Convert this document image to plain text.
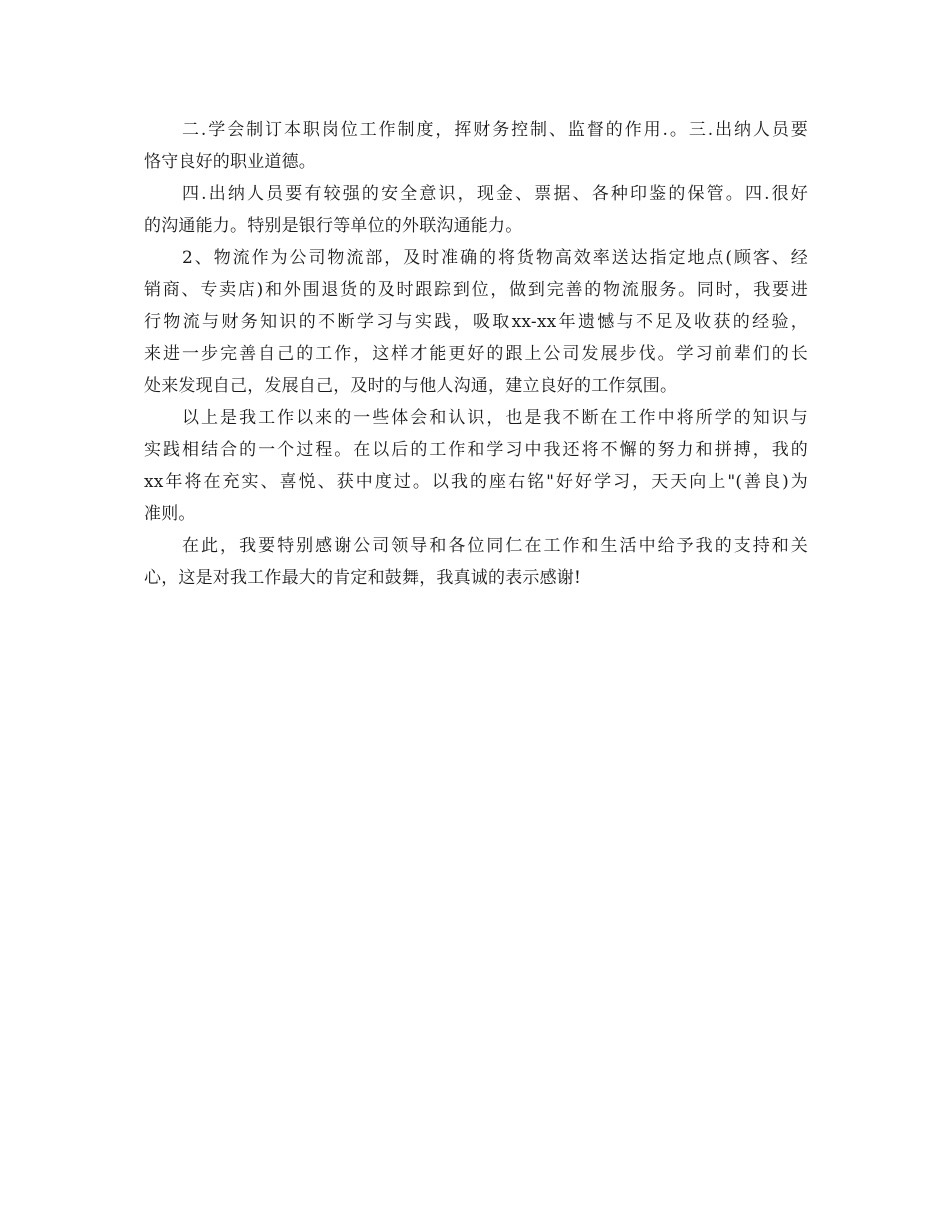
二.学会制订本职岗位工作制度，挥财务控制、监督的作用.。三.出纳人员要
恪守良好的职业道德。
四.出纳人员要有较强的安全意识，现金、票据、各种印鉴的保管。四.很好
的沟通能力。特别是银行等单位的外联沟通能力。
2、物流作为公司物流部，及时准确的将货物高效率送达指定地点(顾客、经
销商、专卖店)和外围退货的及时跟踪到位，做到完善的物流服务。同时，我要进
行物流与财务知识的不断学习与实践，吸取xx-xx年遗憾与不足及收获的经验，
来进一步完善自己的工作，这样才能更好的跟上公司发展步伐。学习前辈们的长
处来发现自己，发展自己，及时的与他人沟通，建立良好的工作氛围。
以上是我工作以来的一些体会和认识，也是我不断在工作中将所学的知识与
实践相结合的一个过程。在以后的工作和学习中我还将不懈的努力和拼搏，我的
xx年将在充实、喜悦、获中度过。以我的座右铭"好好学习，天天向上"(善良)为
准则。
在此，我要特别感谢公司领导和各位同仁在工作和生活中给予我的支持和关
心，这是对我工作最大的肯定和鼓舞，我真诚的表示感谢!
